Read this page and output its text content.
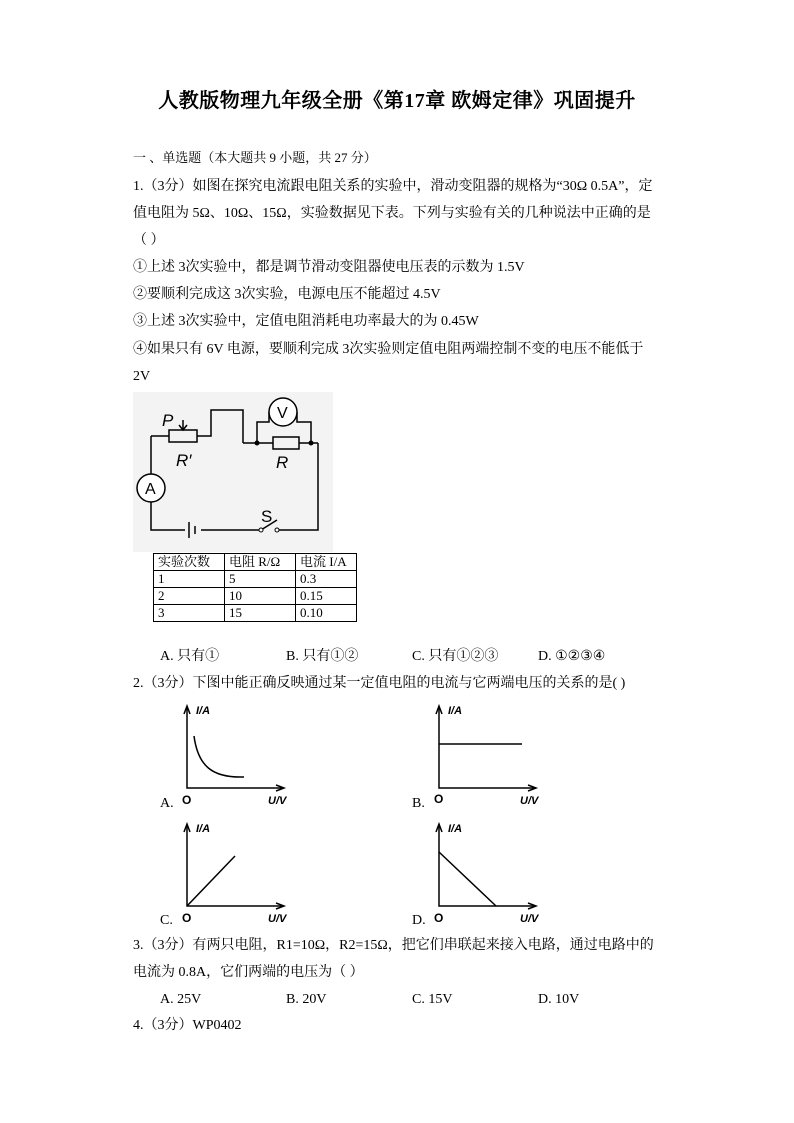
人教版物理九年级全册《第17章 欧姆定律》巩固提升
一 、单选题（本大题共 9 小题，共 27 分）
1.（3分）如图在探究电流跟电阻关系的实验中，滑动变阻器的规格为“30Ω 0.5A”，定
值电阻为 5Ω、10Ω、15Ω，实验数据见下表。下列与实验有关的几种说法中正确的是
（ ）
①上述 3次实验中，都是调节滑动变阻器使电压表的示数为 1.5V
②要顺利完成这 3次实验，电源电压不能超过 4.5V
③上述 3次实验中，定值电阻消耗电功率最大的为 0.45W
④如果只有 6V 电源，要顺利完成 3次实验则定值电阻两端控制不变的电压不能低于
2V
P
R′	R
V
A
S
实验次数	电阻 R/Ω	电流 I/A
1	5	0.3
2	10	0.15
3	15	0.10
A. 只有①	B. 只有①②	C. 只有①②③	D. ①②③④
2.（3分）下图中能正确反映通过某一定值电阻的电流与它两端电压的关系的是( )
A.
I/A
U/V
O	B.
I/A
U/V
C.
I/A
U/V
O	D.
I/A
U/V
O
O
3.（3分）有两只电阻，R1=10Ω，R2=15Ω，把它们串联起来接入电路，通过电路中的
电流为 0.8A，它们两端的电压为（ ）
A. 25V	B. 20V	C. 15V	D. 10V
4.（3分）WP0402
